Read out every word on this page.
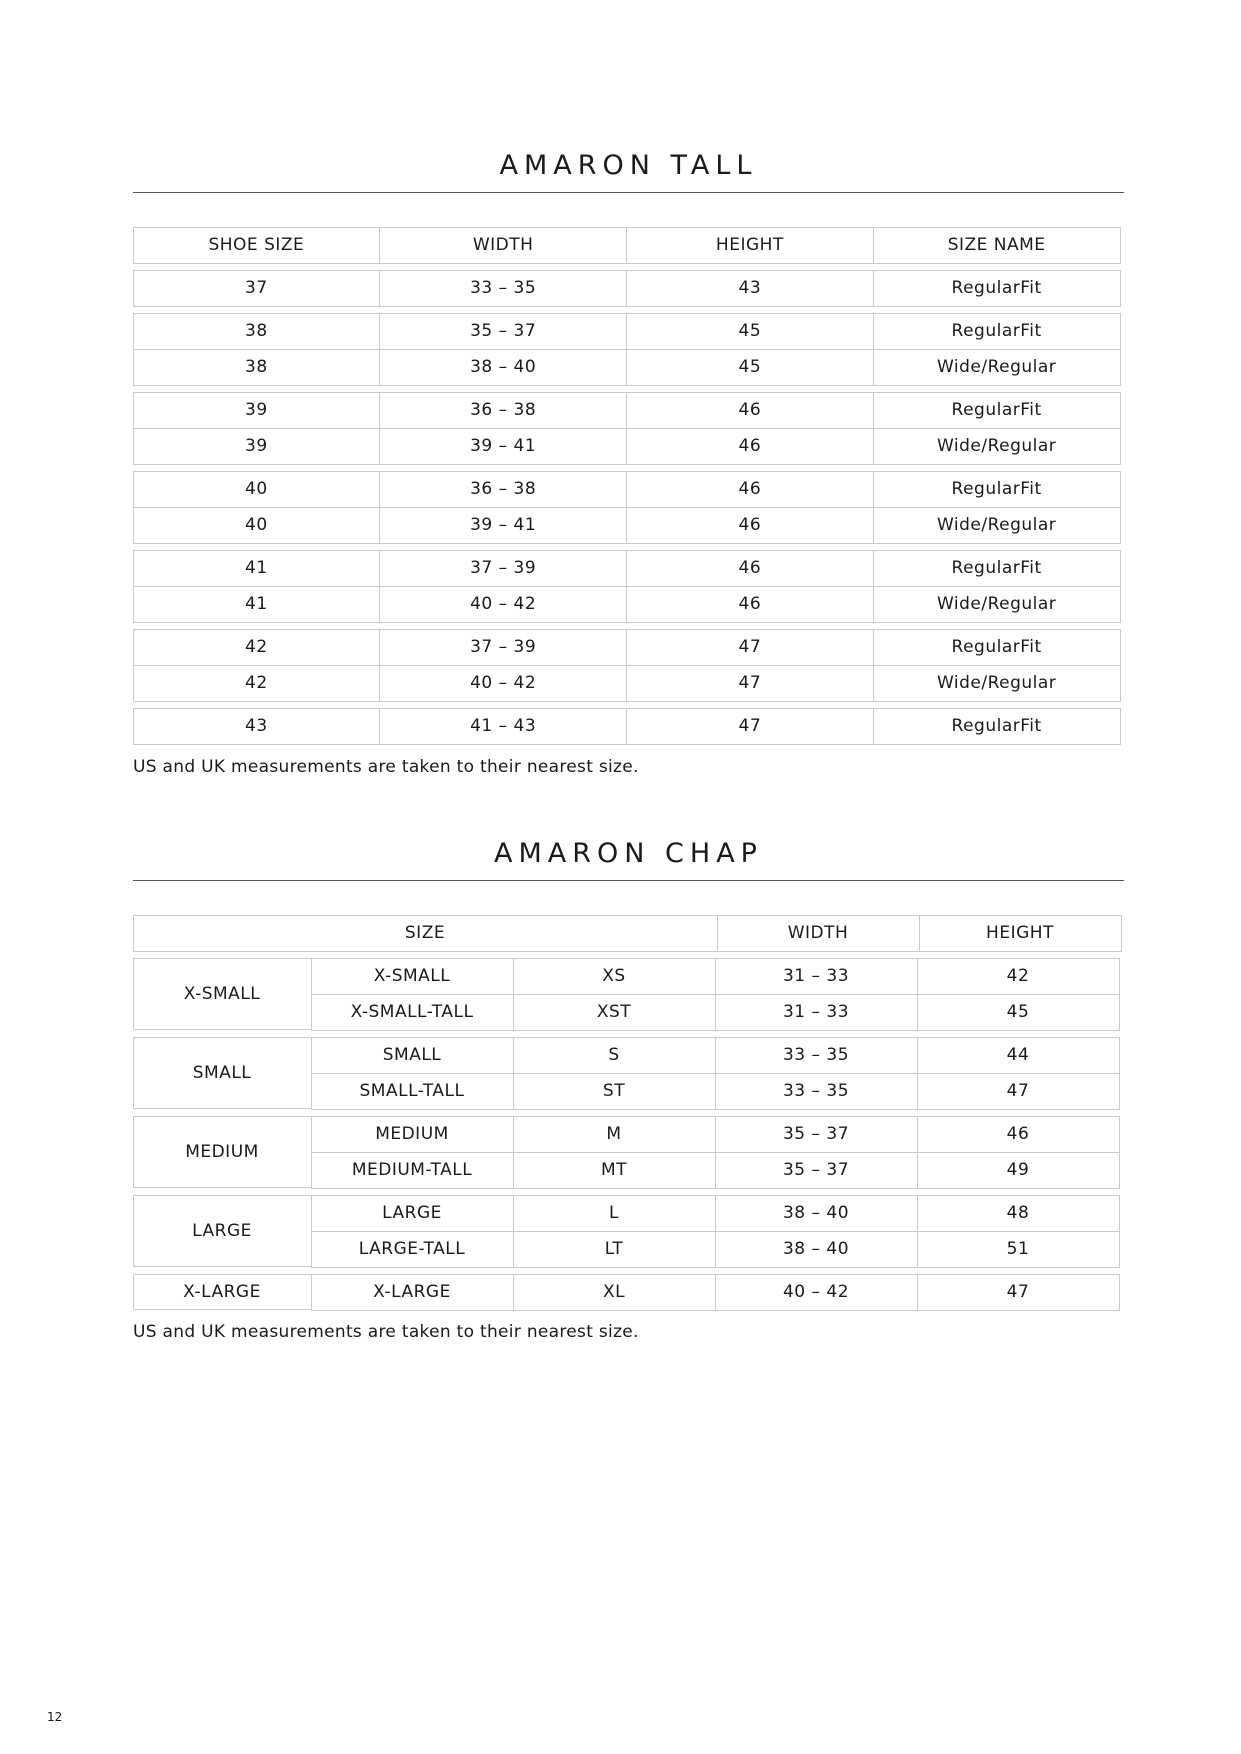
AMARON TALL
SHOE SIZE	WIDTH	HEIGHT	SIZE NAME
37	33 – 35	43	RegularFit
38	35 – 37	45	RegularFit
38	38 – 40	45	Wide/Regular
39	36 – 38	46	RegularFit
39	39 – 41	46	Wide/Regular
40	36 – 38	46	RegularFit
40	39 – 41	46	Wide/Regular
41	37 – 39	46	RegularFit
41	40 – 42	46	Wide/Regular
42	37 – 39	47	RegularFit
42	40 – 42	47	Wide/Regular
43	41 – 43	47	RegularFit
US and UK measurements are taken to their nearest size.
AMARON CHAP
SIZE	WIDTH	HEIGHT
X-SMALL
X-SMALL	XS	31 – 33	42
X-SMALL-TALL	XST	31 – 33	45
SMALL
SMALL	S	33 – 35	44
SMALL-TALL	ST	33 – 35	47
MEDIUM
MEDIUM	M	35 – 37	46
MEDIUM-TALL	MT	35 – 37	49
LARGE
LARGE	L	38 – 40	48
LARGE-TALL	LT	38 – 40	51
X-LARGE	X-LARGE	XL	40 – 42	47
US and UK measurements are taken to their nearest size.
12
